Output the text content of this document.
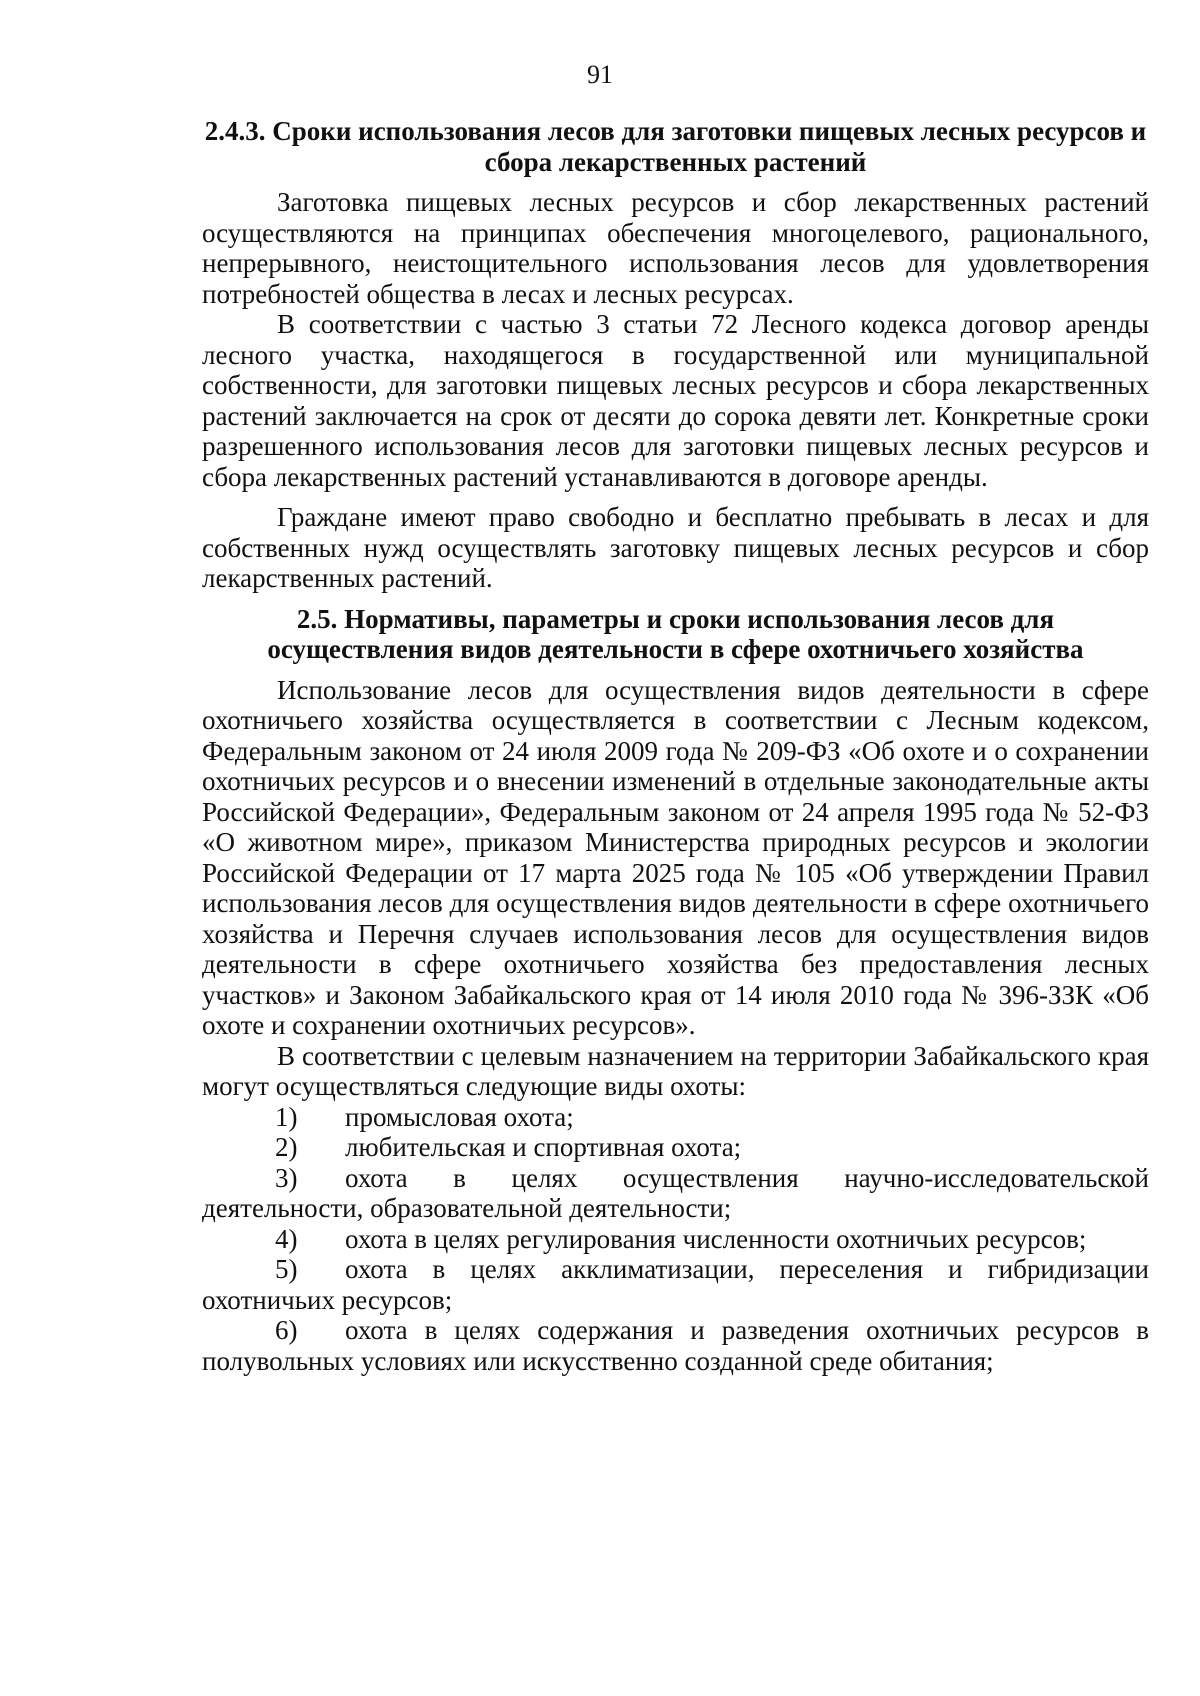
91
2.4.3. Сроки использования лесов для заготовки пищевых лесных ресурсов и сбора лекарственных растений

Заготовка пищевых лесных ресурсов и сбор лекарственных растений осуществляются на принципах обеспечения многоцелевого, рационального, непрерывного, неистощительного использования лесов для удовлетворения потребностей общества в лесах и лесных ресурсах.

В соответствии с частью 3 статьи 72 Лесного кодекса договор аренды лесного участка, находящегося в государственной или муниципальной собственности, для заготовки пищевых лесных ресурсов и сбора лекарственных растений заключается на срок от десяти до сорока девяти лет. Конкретные сроки разрешенного использования лесов для заготовки пищевых лесных ресурсов и сбора лекарственных растений устанавливаются в договоре аренды.

Граждане имеют право свободно и бесплатно пребывать в лесах и для собственных нужд осуществлять заготовку пищевых лесных ресурсов и сбор лекарственных растений.

2.5. Нормативы, параметры и сроки использования лесов для осуществления видов деятельности в сфере охотничьего хозяйства

Использование лесов для осуществления видов деятельности в сфере охотничьего хозяйства осуществляется в соответствии с Лесным кодексом, Федеральным законом от 24 июля 2009 года № 209-ФЗ «Об охоте и о сохранении охотничьих ресурсов и о внесении изменений в отдельные законодательные акты Российской Федерации», Федеральным законом от 24 апреля 1995 года № 52-ФЗ «О животном мире», приказом Министерства природных ресурсов и экологии Российской Федерации от 17 марта 2025 года № 105 «Об утверждении Правил использования лесов для осуществления видов деятельности в сфере охотничьего хозяйства и Перечня случаев использования лесов для осуществления видов деятельности в сфере охотничьего хозяйства без предоставления лесных участков» и Законом Забайкальского края от 14 июля 2010 года № 396-ЗЗК «Об охоте и сохранении охотничьих ресурсов».

В соответствии с целевым назначением на территории Забайкальского края могут осуществляться следующие виды охоты:

1)	промысловая охота;

2)	любительская и спортивная охота;

3) охота в целях осуществления научно-исследовательской деятельности, образовательной деятельности;

4)	охота в целях регулирования численности охотничьих ресурсов;

5) охота в целях акклиматизации, переселения и гибридизации охотничьих ресурсов;

6) охота в целях содержания и разведения охотничьих ресурсов в полувольных условиях или искусственно созданной среде обитания;
